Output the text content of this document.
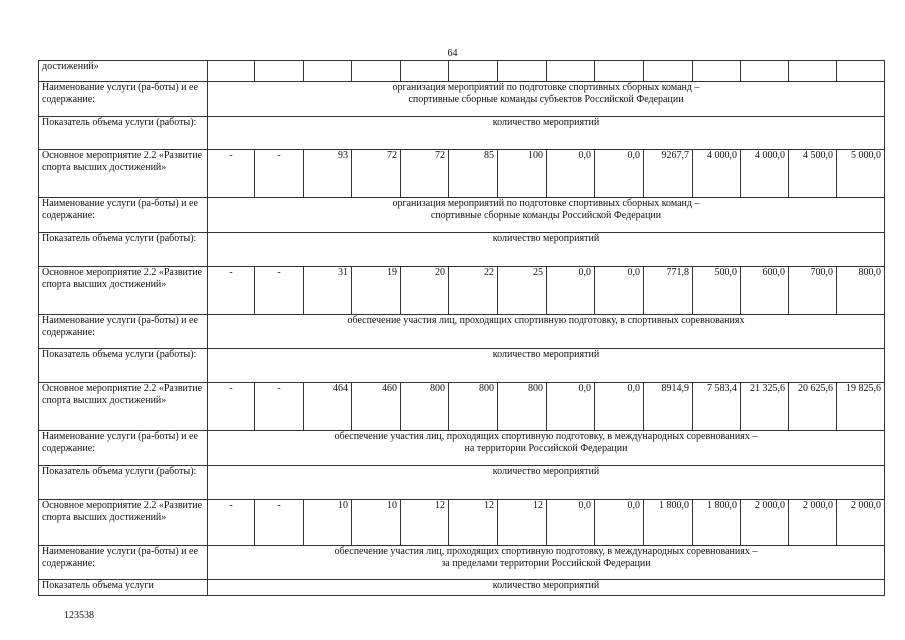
64
достижений»														
Наименование услуги (ра-боты) и ее содержание:	организация мероприятий по подготовке спортивных сборных команд –
спортивные сборные команды субъектов Российской Федерации													

Показатель объема услуги (работы):	количество мероприятий													
Основное мероприятие 2.2 «Развитие спорта высших достижений»	-	-	93	72	72	85	100	0,0	0,0	9267,7	4 000,0	4 000,0	4 500,0	5 000,0
Наименование услуги (ра-боты) и ее содержание:	организация мероприятий по подготовке спортивных сборных команд –
спортивные сборные команды Российской Федерации													

Показатель объема услуги (работы):	количество мероприятий													
Основное мероприятие 2.2 «Развитие спорта высших достижений»	-	-	31	19	20	22	25	0,0	0,0	771,8	500,0	600,0	700,0	800,0
Наименование услуги (ра-боты) и ее содержание:	обеспечение участия лиц, проходящих спортивную подготовку, в спортивных соревнованиях													

Показатель объема услуги (работы):	количество мероприятий													
Основное мероприятие 2.2 «Развитие спорта высших достижений»	-	-	464	460	800	800	800	0,0	0,0	8914,9	7 583,4	21 325,6	20 625,6	19 825,6
Наименование услуги (ра-боты) и ее содержание:	обеспечение участия лиц, проходящих спортивную подготовку, в международных соревнованиях –
на территории Российской Федерации													

Показатель объема услуги (работы):	количество мероприятий													
Основное мероприятие 2.2 «Развитие спорта высших достижений»	-	-	10	10	12	12	12	0,0	0,0	1 800,0	1 800,0	2 000,0	2 000,0	2 000,0
Наименование услуги (ра-боты) и ее содержание:	обеспечение участия лиц, проходящих спортивную подготовку, в международных соревнованиях –
за пределами территории Российской Федерации													

Показатель объема услуги	количество мероприятий													
123538
